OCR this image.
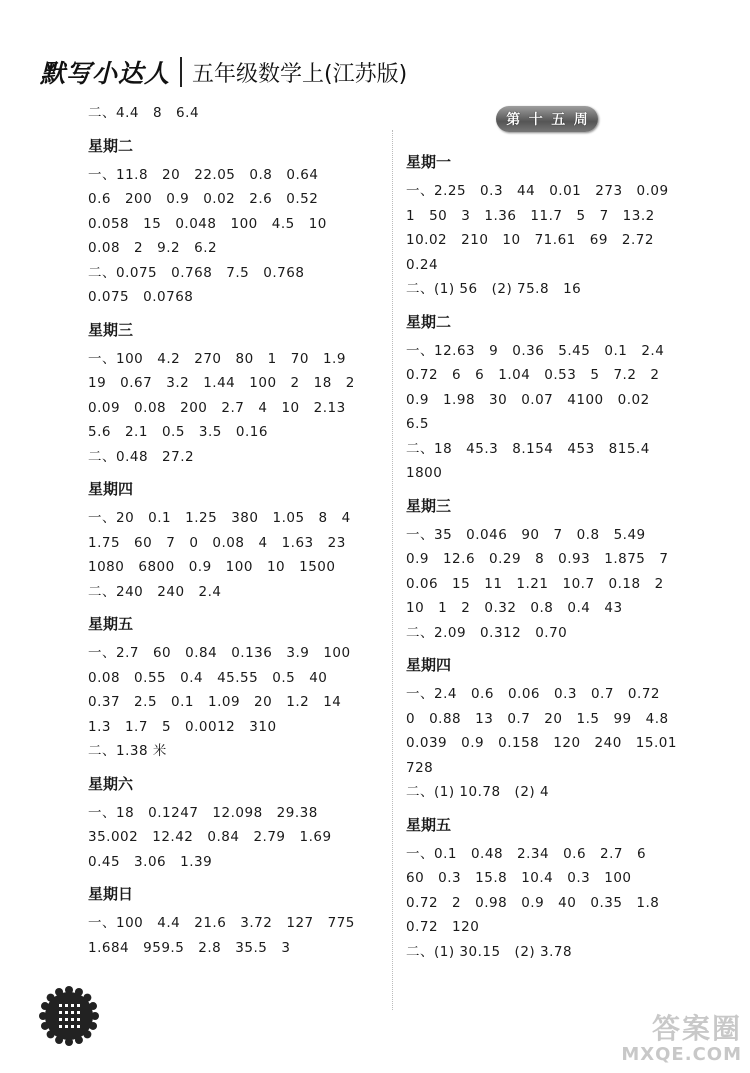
默写小达人 五年级数学上(江苏版)
第 十 五 周
二、4.4　8　6.4
星期二
一、11.8　20　22.05　0.8　0.64
0.6　200　0.9　0.02　2.6　0.52
0.058　15　0.048　100　4.5　10
0.08　2　9.2　6.2
二、0.075　0.768　7.5　0.768
0.075　0.0768
星期三
一、100　4.2　270　80　1　70　1.9
19　0.67　3.2　1.44　100　2　18　2
0.09　0.08　200　2.7　4　10　2.13
5.6　2.1　0.5　3.5　0.16
二、0.48　27.2
星期四
一、20　0.1　1.25　380　1.05　8　4
1.75　60　7　0　0.08　4　1.63　23
1080　6800　0.9　100　10　1500
二、240　240　2.4
星期五
一、2.7　60　0.84　0.136　3.9　100
0.08　0.55　0.4　45.55　0.5　40
0.37　2.5　0.1　1.09　20　1.2　14
1.3　1.7　5　0.0012　310
二、1.38 米
星期六
一、18　0.1247　12.098　29.38
35.002　12.42　0.84　2.79　1.69
0.45　3.06　1.39
星期日
一、100　4.4　21.6　3.72　127　775
1.684　959.5　2.8　35.5　3
星期一
一、2.25　0.3　44　0.01　273　0.09
1　50　3　1.36　11.7　5　7　13.2
10.02　210　10　71.61　69　2.72
0.24
二、(1) 56　(2) 75.8　16
星期二
一、12.63　9　0.36　5.45　0.1　2.4
0.72　6　6　1.04　0.53　5　7.2　2
0.9　1.98　30　0.07　4100　0.02
6.5
二、18　45.3　8.154　453　815.4
1800
星期三
一、35　0.046　90　7　0.8　5.49
0.9　12.6　0.29　8　0.93　1.875　7
0.06　15　11　1.21　10.7　0.18　2
10　1　2　0.32　0.8　0.4　43
二、2.09　0.312　0.70
星期四
一、2.4　0.6　0.06　0.3　0.7　0.72
0　0.88　13　0.7　20　1.5　99　4.8
0.039　0.9　0.158　120　240　15.01
728
二、(1) 10.78　(2) 4
星期五
一、0.1　0.48　2.34　0.6　2.7　6
60　0.3　15.8　10.4　0.3　100
0.72　2　0.98　0.9　40　0.35　1.8
0.72　120
二、(1) 30.15　(2) 3.78
答案圈
MXQE.COM
